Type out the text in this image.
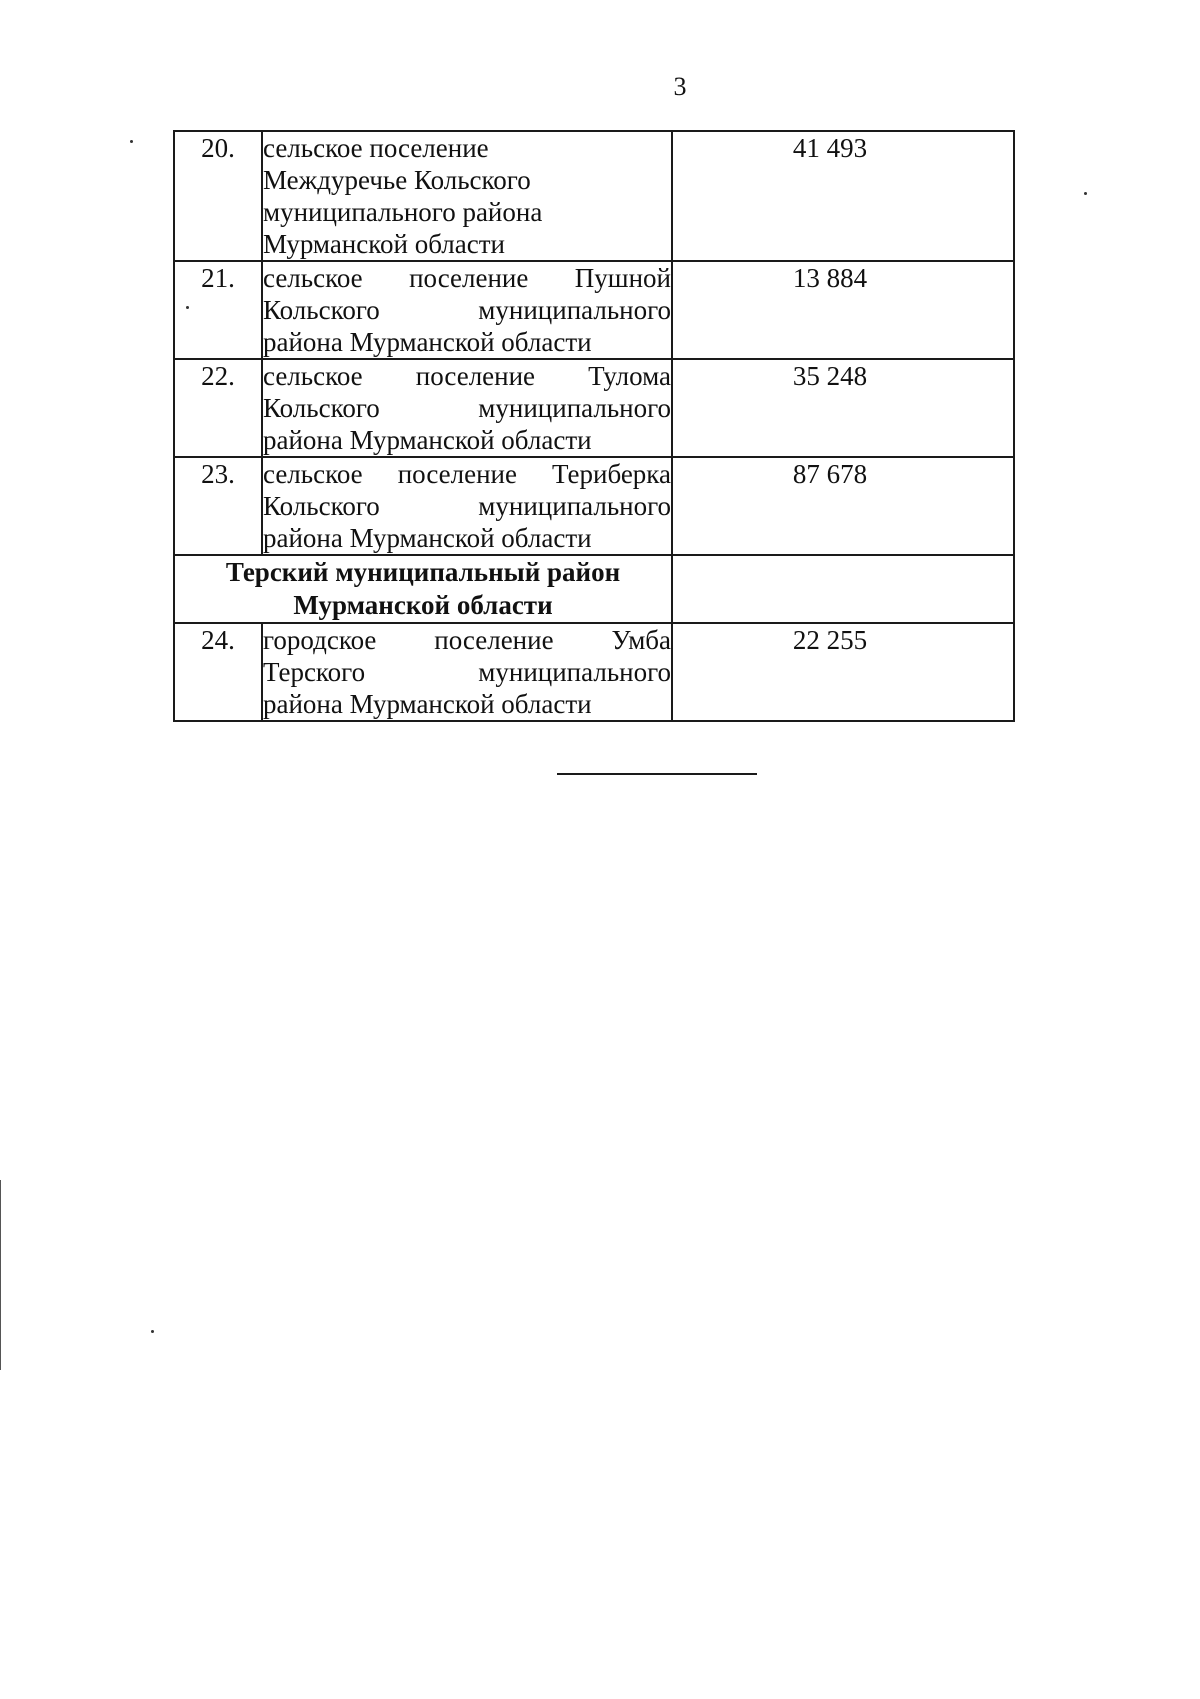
3
20.	сельское поселение
Междуречье Кольского
муниципального района
Мурманской области	41 493
21.	сельское поселение Пушной
Кольского муниципального
района Мурманской области	13 884
22.	сельское поселение Тулома
Кольского муниципального
района Мурманской области	35 248
23.	сельское поселение Териберка
Кольского муниципального
района Мурманской области	87 678

Терский муниципальный район
Мурманской области		

24.	городское поселение Умба
Терского муниципального
района Мурманской области	22 255
